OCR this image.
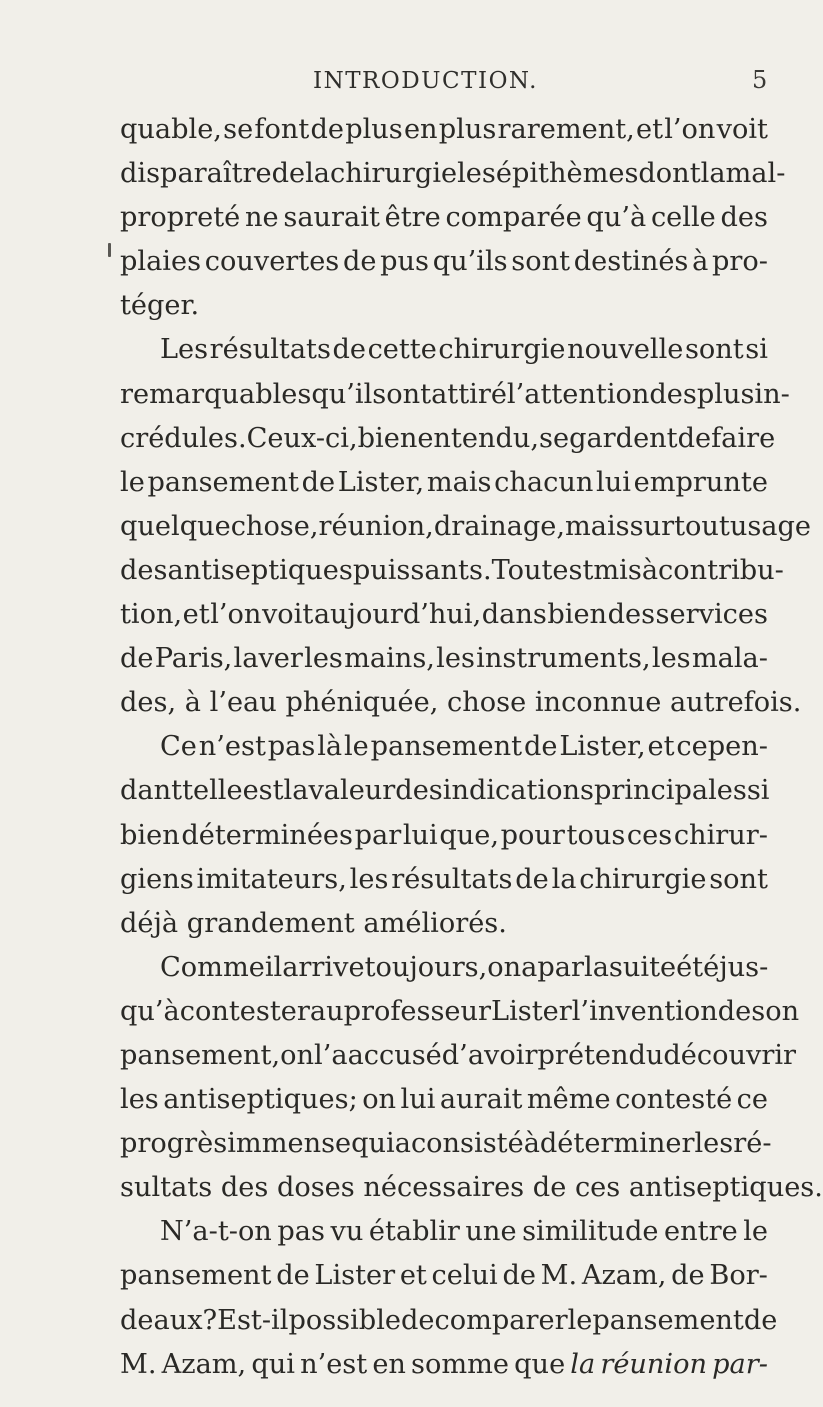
INTRODUCTION.	5
quable, se font de plus en plus rarement, et l’on voit
disparaître de la chirurgie les épithèmes dont la mal-
propreté ne saurait être comparée qu’à celle des
plaies couvertes de pus qu’ils sont destinés à pro-
téger.
Les résultats de cette chirurgie nouvelle sont si
remarquables qu’ils ont attiré l’attention des plus in-
crédules. Ceux-ci, bien entendu, se gardent de faire
le pansement de Lister, mais chacun lui emprunte
quelque chose, réunion, drainage, mais surtout usage
des antiseptiques puissants. Tout est mis à contribu-
tion, et l’on voit aujourd’hui, dans bien des services
de Paris, laver les mains, les instruments, les mala-
des,
à
l’eau
phéniquée,
chose
inconnue
autrefois.
Ce n’est pas là le pansement de Lister, et cepen-
dant telle est la valeur des indications principales si
bien déterminées par lui que, pour tous ces chirur-
giens imitateurs, les résultats de la chirurgie sont
déjà
grandement
améliorés.
Comme il arrive toujours, on a par la suite été jus-
qu’à contester au professeur Lister l’invention de son
pansement, on l’a accusé d’avoir prétendu découvrir
les antiseptiques; on lui aurait même contesté ce
progrès immense qui a consisté à déterminer les ré-
sultats
des
doses
nécessaires
de
ces
antiseptiques.
N’a-t-on pas vu établir une similitude entre le
pansement de Lister et celui de M. Azam, de Bor-
deaux? Est-il possible de comparer le pansement de
M. Azam, qui n’est en somme que la réunion par-
